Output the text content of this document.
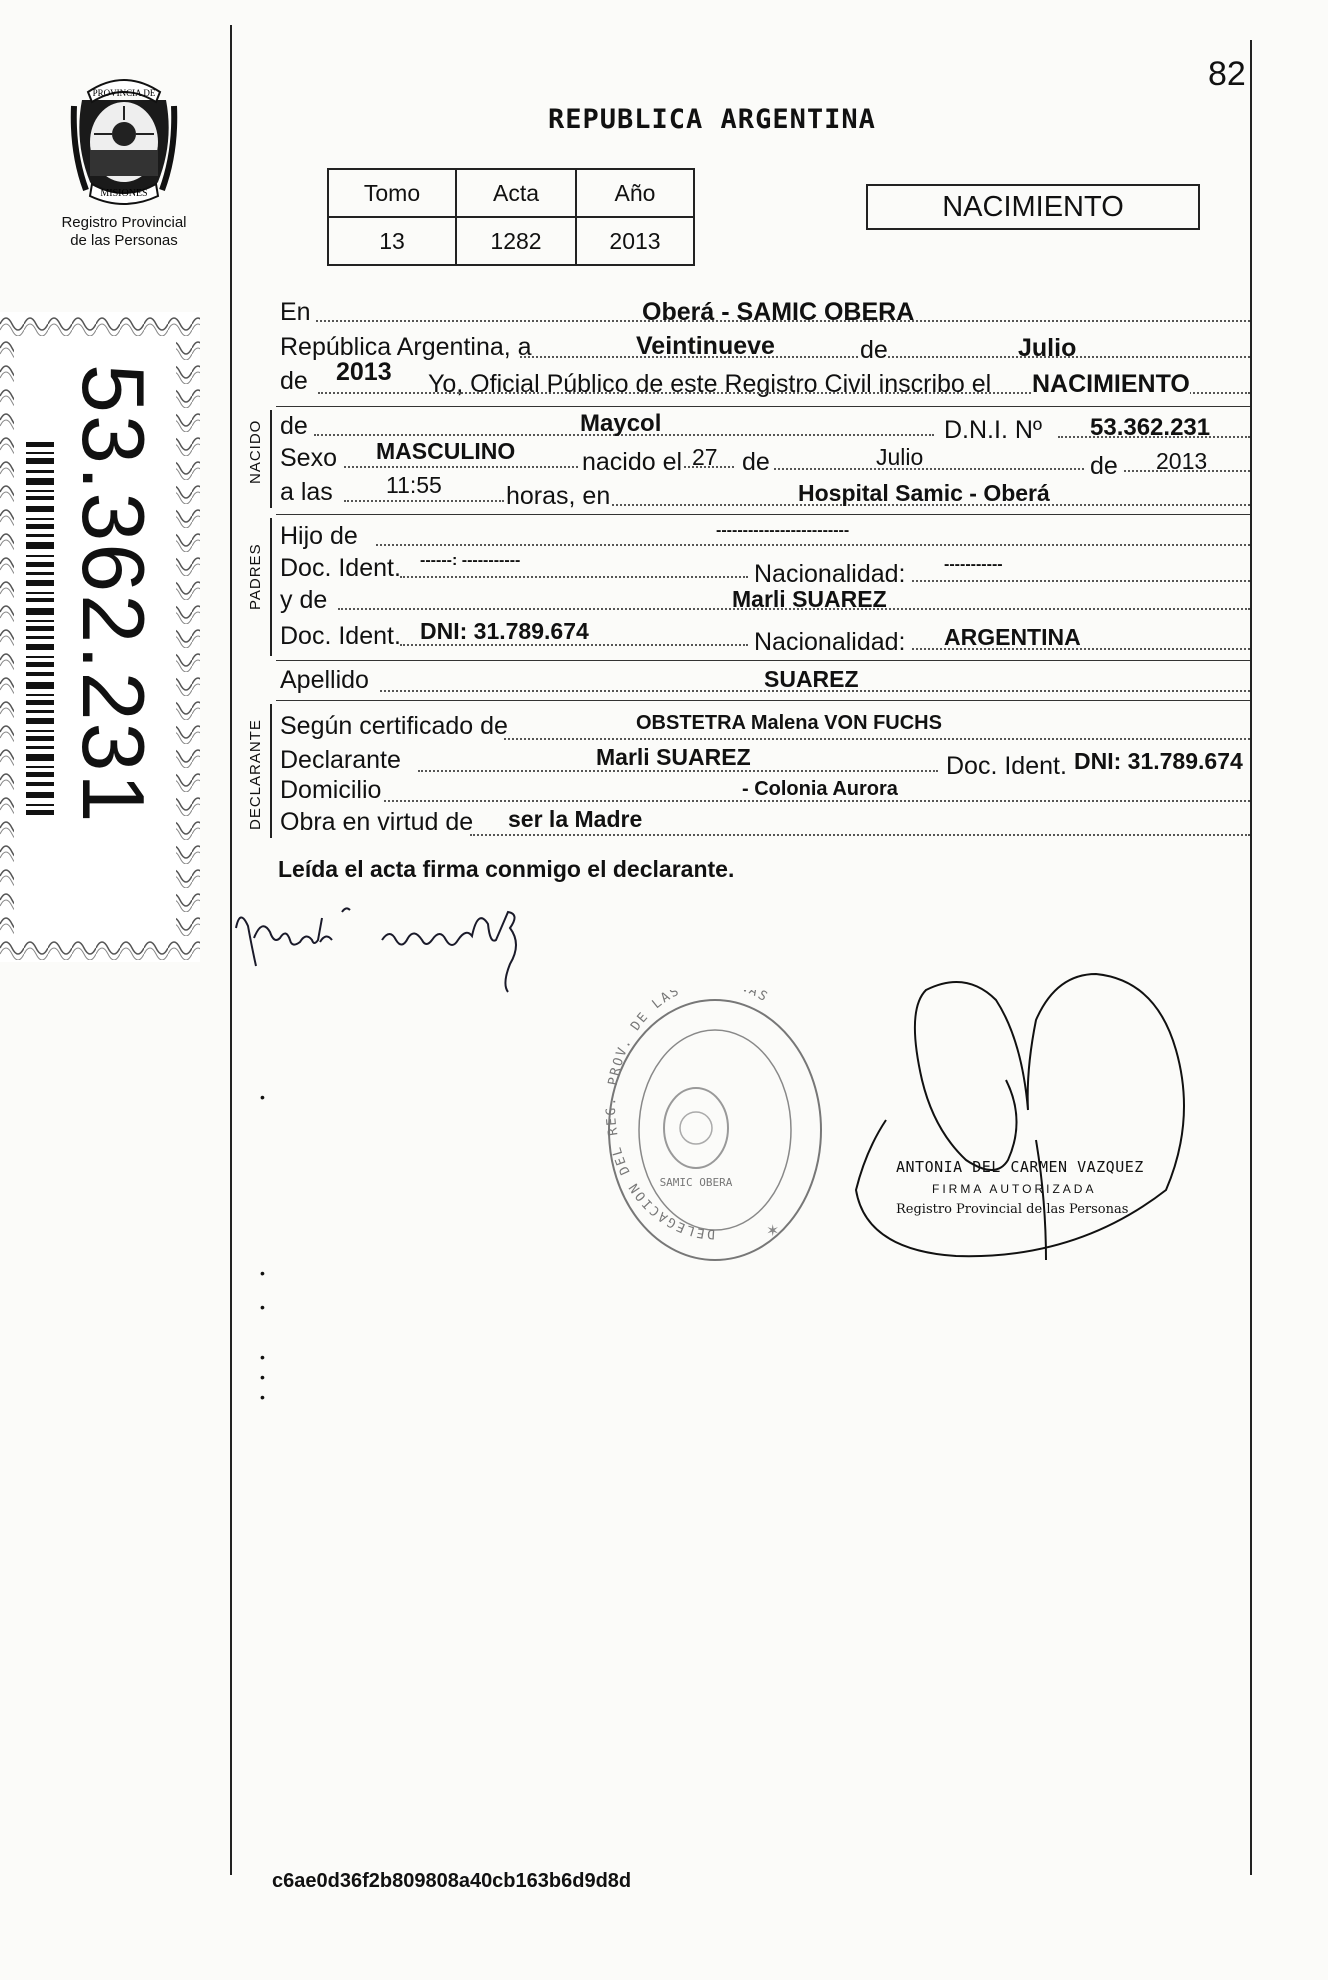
82
PROVINCIA DE
MISIONES
Registro Provincial
de las Personas
53.362.231
REPUBLICA ARGENTINA
Tomo	Acta	Año
13	1282	2013
NACIMIENTO
En	Oberá - SAMIC OBERA
República Argentina, a	Veintinueve	de	Julio
de 2013 Yo, Oficial Público de este Registro Civil inscribo el NACIMIENTO
NACIDO de	Maycol	D.N.I. Nº 53.362.231
Sexo MASCULINO	nacido el 27 de	Julio	de 2013
a las 11:55	horas, en	Hospital Samic - Oberá
PADRES
Hijo de	-------------------------
Doc. Ident. ------: -----------	Nacionalidad: -----------
y de	Marli SUAREZ
Doc. Ident. DNI: 31.789.674	Nacionalidad: ARGENTINA
Apellido	SUAREZ
DECLARANTE Según certificado de	OBSTETRA Malena VON FUCHS
Declarante	Marli SUAREZ	Doc. Ident. DNI: 31.789.674
Domicilio	- Colonia Aurora
Obra en virtud de ser la Madre
Leída el acta firma conmigo el declarante.
✶
DELEGACION DEL REG. PROV. DE LAS AS
SAMIC OBERA
ANTONIA DEL CARMEN VAZQUEZ
FIRMA AUTORIZADA
Registro Provincial de las Personas
•
•
•
•
•
•
c6ae0d36f2b809808a40cb163b6d9d8d
